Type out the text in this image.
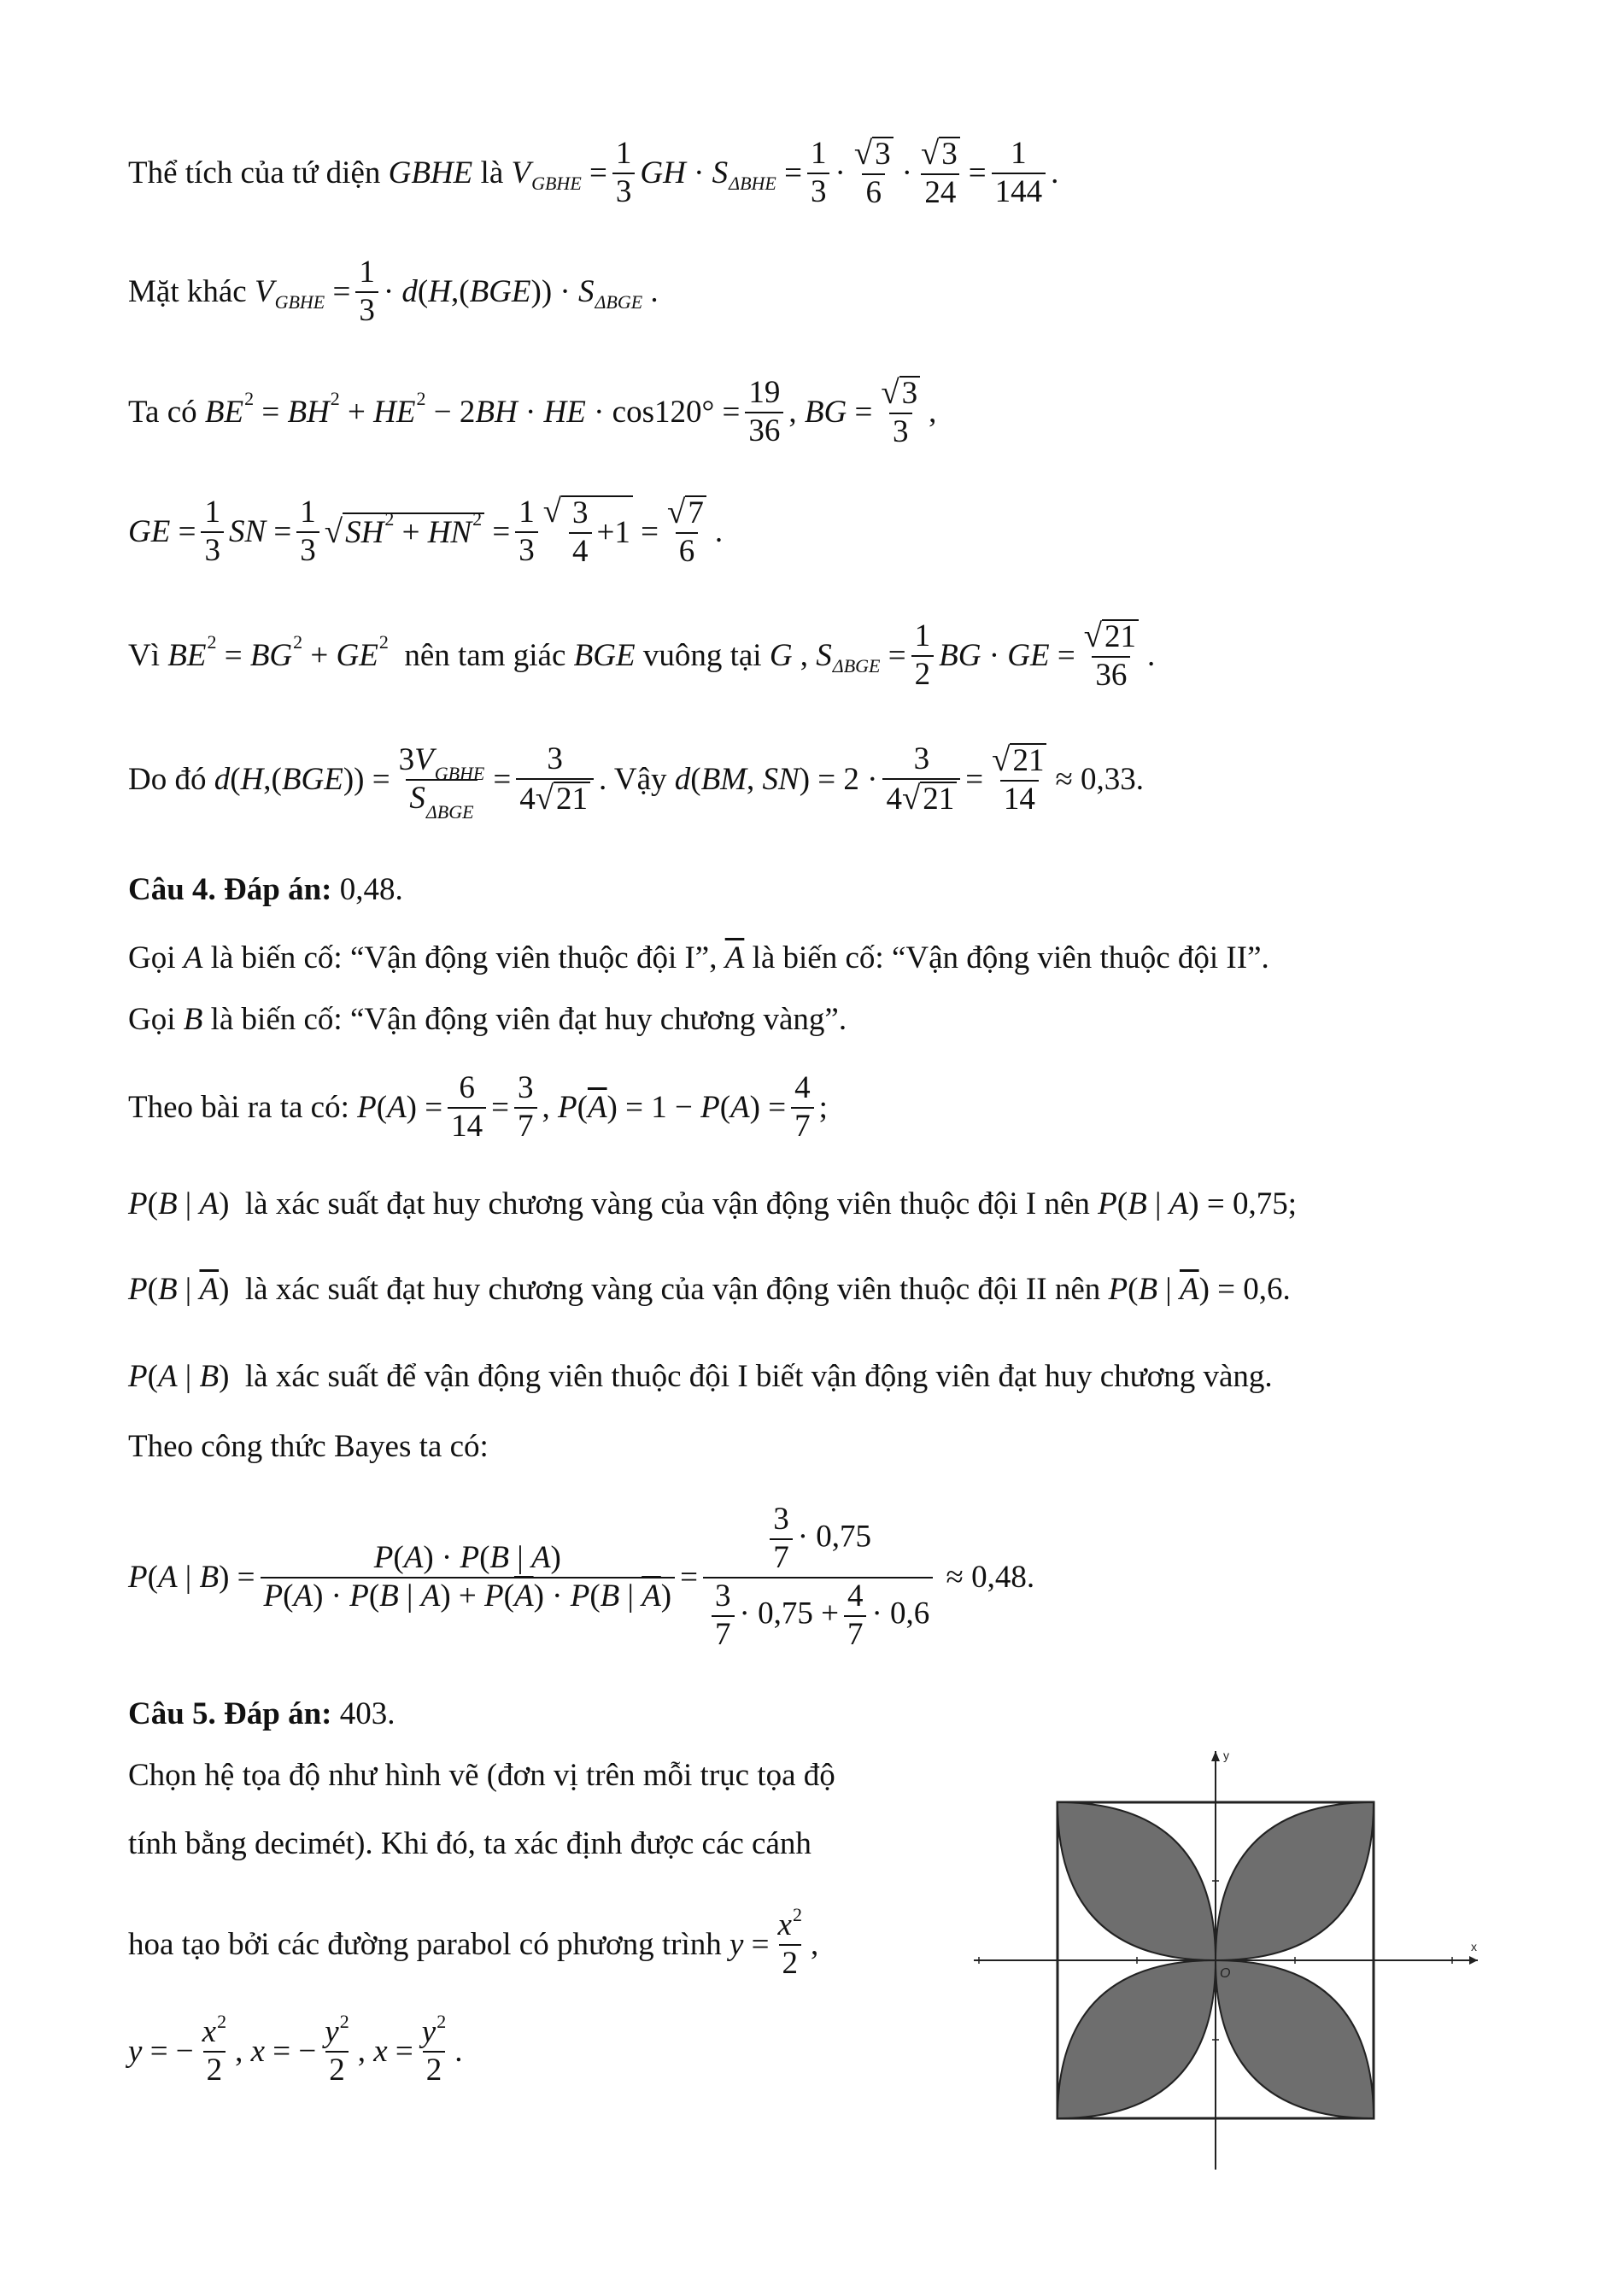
Thể tích của tứ diện
GBHE
là
V GBHE = $\frac{1}{3}$ GH · S $\Delta BHE = \frac{1}{3} \cdot \frac{√ 3}{6} \cdot \frac{√ 3}{24} = \frac{1}{144}$ .
Mặt khác
V GBHE = $\frac{1}{3} \cdot d$ ( H ,( BGE )) · S ΔBGE .
Ta có
BE 2 = BH 2 + HE 2 − 2 BH · HE · $\cos 120^\circ = \frac{19}{36}$ , BG = $\frac{√ 3}{3}$ ,
GE = $\frac{1}{3}$ SN = $\frac{1}{3}$ √ SH 2 + HN $2 = \frac{1}{3}$ √ $\frac{3}{4} +1 = \frac{√ 7}{6}$ .
Vì
BE 2 = BG 2 + GE 2
nên tam giác
BGE
vuông tại
G , S $\Delta BGE = \frac{1}{2}$ BG · GE = $\frac{√ 21}{36}$ .
Do đó
d ( H ,( BGE )) = $\frac{3V_{GBHE}}{S_{\Delta BGE}} = \frac{3}{4 √ 21}$ . Vậy
d ( BM , SN ) = $2 \cdot \frac{3}{4 √ 21} = \frac{√ 21}{14} \approx 0,33$ .
Câu 4. Đáp án:
0,48 .
Gọi
A
là biến cố:
“Vận động viên thuộc đội I”,
$\overline{A}$
là biến cố:
“Vận động viên thuộc đội II”.
Gọi
B
là biến cố:
“Vận động viên đạt huy chương vàng”.
Theo bài ra ta có:
P ( A ) = $\frac{6}{14} = \frac{3}{7}$ , P ( $\overline{A}$ ) = 1 − P ( A ) = $\frac{4}{7}$ ;
P ( B | A ) là xác suất đạt huy chương vàng của vận động viên thuộc đội I nên
P ( B | A ) = 0,75 ;
P ( B | $\overline{A}$ ) là xác suất đạt huy chương vàng của vận động viên thuộc đội II nên
P ( B | $\overline{A}$ ) = 0,6 .
P ( A | B ) là xác suất để vận động viên thuộc đội I biết vận động viên đạt huy chương vàng.
Theo công thức Bayes ta có:
P ( A | B ) = $\frac{P(A) \cdot P(B | A)}{P(A) \cdot P(B | A) + P(\overline{A}) \cdot P(B | \overline{A})} = \frac{\frac{3}{7} \cdot 0,75}{\frac{3}{7} \cdot 0,75 + \frac{4}{7} \cdot 0,6}$
≈ 0,48.
Câu 5. Đáp án:
403 .
Chọn hệ tọa độ như hình vẽ (đơn vị trên mỗi trục tọa độ
tính bằng decimét). Khi đó, ta xác định được các cánh
hoa tạo bởi các đường parabol có phương trình
$y = \frac{x^2}{2}$ ,
y = − $\frac{x^2}{2}$ , x = − $\frac{y^2}{2}$ , $x = \frac{y^2}{2}$ .
x
y
O
